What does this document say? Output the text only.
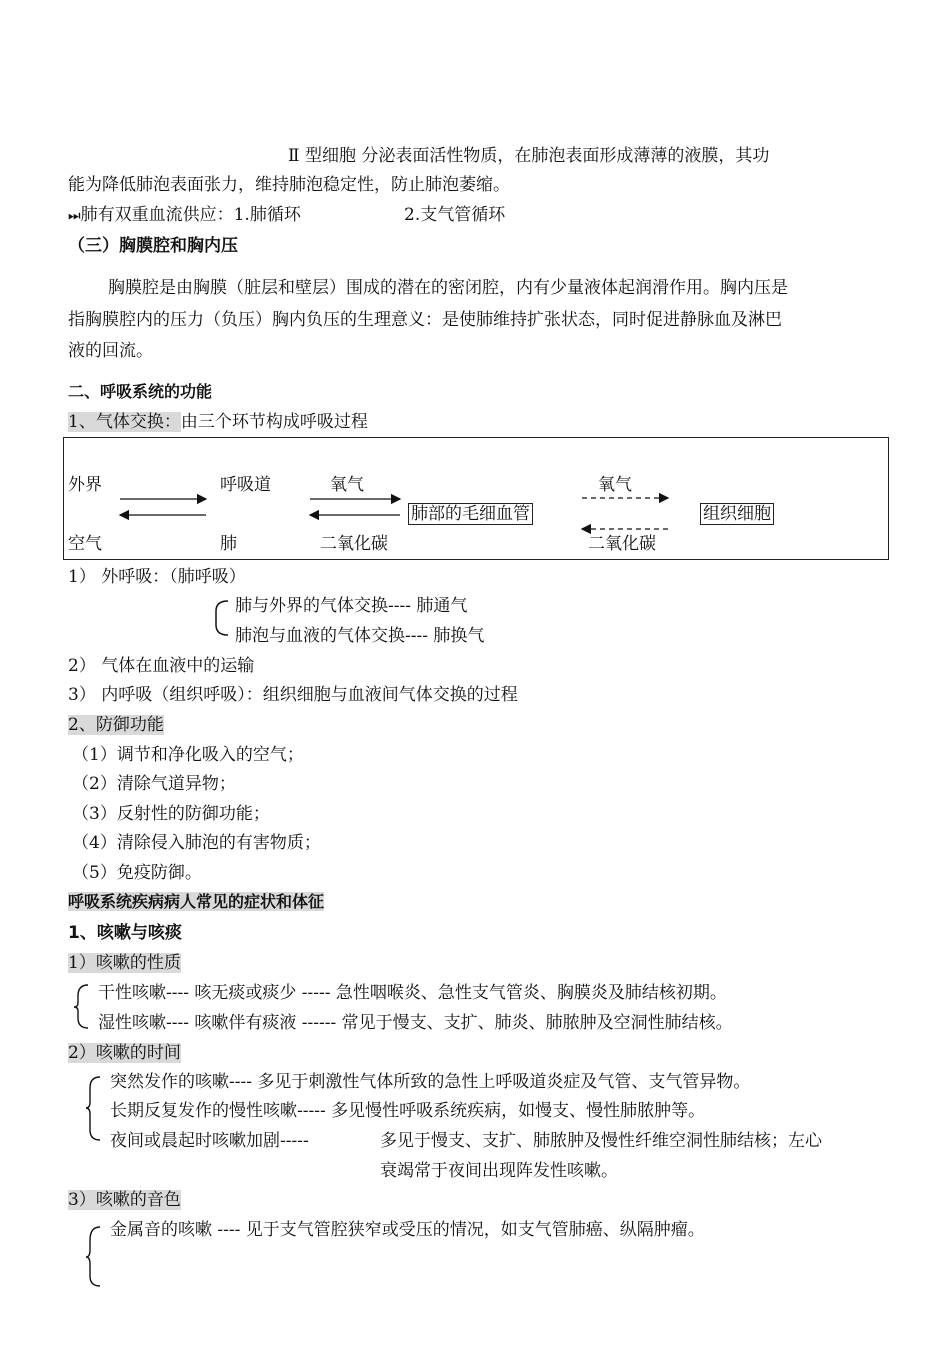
Ⅱ 型细胞 分泌表面活性物质，在肺泡表面形成薄薄的液膜，其功
能为降低肺泡表面张力，维持肺泡稳定性，防止肺泡萎缩。
⏭肺有双重血流供应：1.肺循环	2.支气管循环
（三）胸膜腔和胸内压
胸膜腔是由胸膜（脏层和壁层）围成的潜在的密闭腔，内有少量液体起润滑作用。胸内压是
指胸膜腔内的压力（负压）胸内负压的生理意义：是使肺维持扩张状态，同时促进静脉血及淋巴
液的回流。
二、呼吸系统的功能
1、气体交换：由三个环节构成呼吸过程
外界
空气
呼吸道
肺
氧气
二氧化碳
肺部的毛细血管
氧气
二氧化碳
组织细胞
1） 外呼吸：（肺呼吸）
肺与外界的气体交换---- 肺通气
肺泡与血液的气体交换---- 肺换气
2） 气体在血液中的运输
3） 内呼吸（组织呼吸）：组织细胞与血液间气体交换的过程
2、防御功能
（1）调节和净化吸入的空气；
（2）清除气道异物；
（3）反射性的防御功能；
（4）清除侵入肺泡的有害物质；
（5）免疫防御。
呼吸系统疾病病人常见的症状和体征
1、咳嗽与咳痰
1）咳嗽的性质
干性咳嗽---- 咳无痰或痰少 ----- 急性咽喉炎、急性支气管炎、胸膜炎及肺结核初期。
湿性咳嗽---- 咳嗽伴有痰液 ------ 常见于慢支、支扩、肺炎、肺脓肿及空洞性肺结核。
2）咳嗽的时间
突然发作的咳嗽---- 多见于刺激性气体所致的急性上呼吸道炎症及气管、支气管异物。
长期反复发作的慢性咳嗽----- 多见慢性呼吸系统疾病，如慢支、慢性肺脓肿等。
夜间或晨起时咳嗽加剧-----	多见于慢支、支扩、肺脓肿及慢性纤维空洞性肺结核；左心
衰竭常于夜间出现阵发性咳嗽。
3）咳嗽的音色
金属音的咳嗽 ---- 见于支气管腔狭窄或受压的情况，如支气管肺癌、纵隔肿瘤。
